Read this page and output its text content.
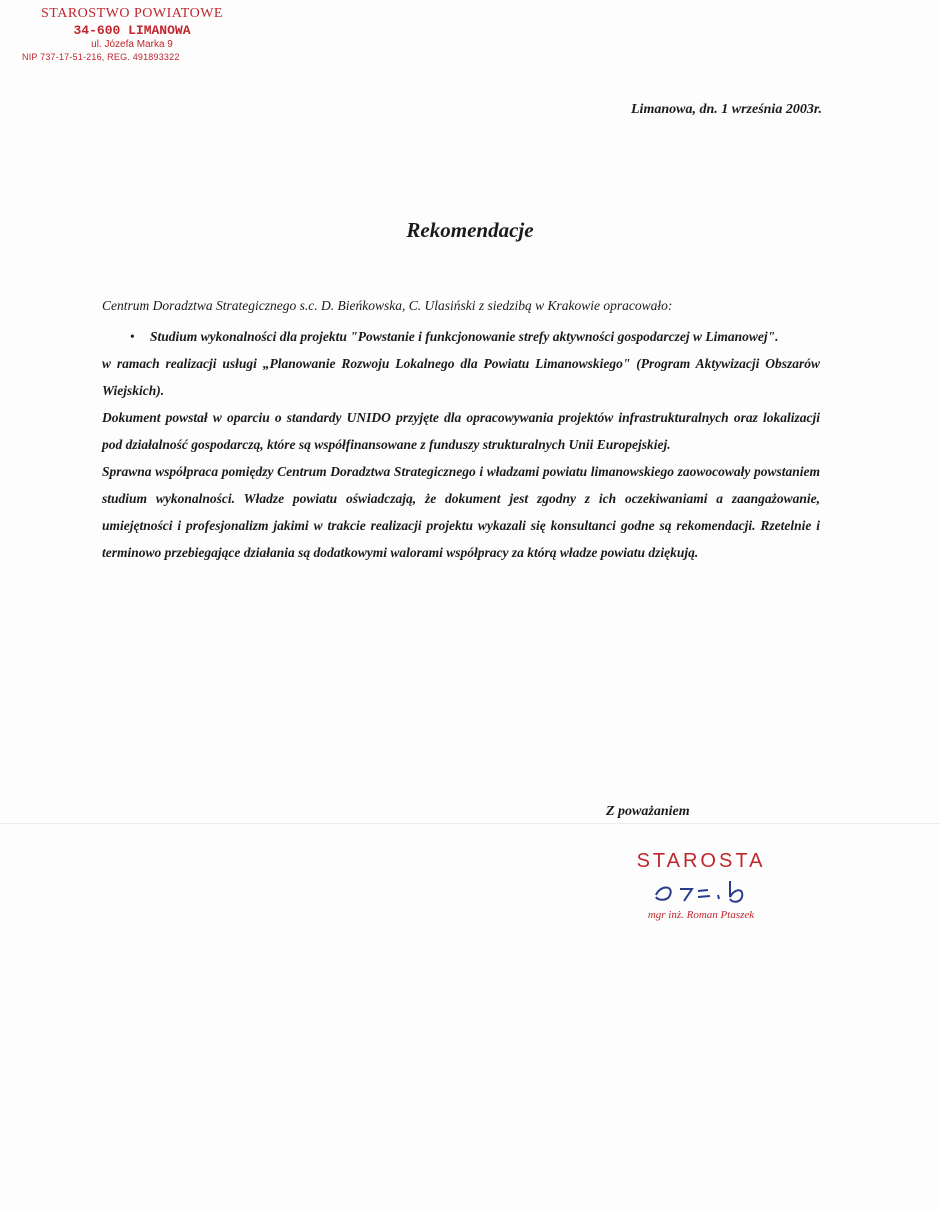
STAROSTWO POWIATOWE
34-600 LIMANOWA
ul. Józefa Marka 9
NIP 737-17-51-216, REG. 491893322
Limanowa, dn. 1 września 2003r.
Rekomendacje

Centrum Doradztwa Strategicznego s.c. D. Bieńkowska, C. Ulasiński z siedzibą w Krakowie opracowało:

•	Studium wykonalności dla projektu "Powstanie i funkcjonowanie strefy aktywności gospodarczej w Limanowej".

w ramach realizacji usługi „Planowanie Rozwoju Lokalnego dla Powiatu Limanowskiego" (Program Aktywizacji Obszarów Wiejskich).

Dokument powstał w oparciu o standardy UNIDO przyjęte dla opracowywania projektów infrastrukturalnych oraz lokalizacji pod działalność gospodarczą, które są współfinansowane z funduszy strukturalnych Unii Europejskiej.

Sprawna współpraca pomiędzy Centrum Doradztwa Strategicznego i władzami powiatu limanowskiego zaowocowały powstaniem studium wykonalności. Władze powiatu oświadczają, że dokument jest zgodny z ich oczekiwaniami a zaangażowanie, umiejętności i profesjonalizm jakimi w trakcie realizacji projektu wykazali się konsultanci godne są rekomendacji. Rzetelnie i terminowo przebiegające działania są dodatkowymi walorami współpracy za którą władze powiatu dziękują.

Z poważaniem
STAROSTA
mgr inż. Roman Ptaszek
